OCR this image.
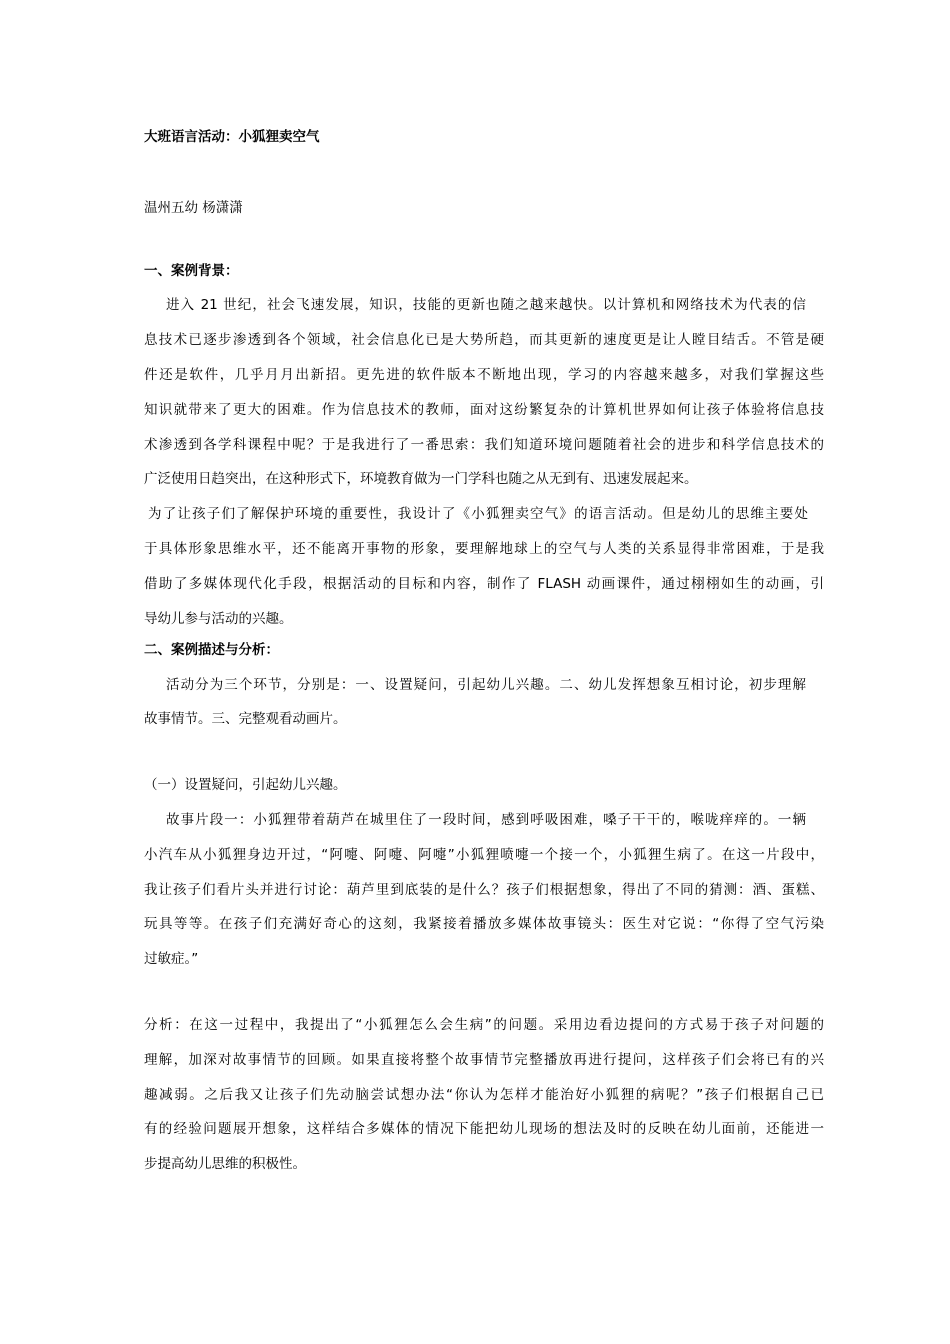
大班语言活动：小狐狸卖空气

温州五幼 杨潇潇

一、案例背景：

进入 21 世纪，社会飞速发展，知识，技能的更新也随之越来越快。以计算机和网络技术为代表的信

息技术已逐步渗透到各个领域，社会信息化已是大势所趋，而其更新的速度更是让人瞠目结舌。不管是硬

件还是软件，几乎月月出新招。更先进的软件版本不断地出现，学习的内容越来越多，对我们掌握这些

知识就带来了更大的困难。作为信息技术的教师，面对这纷繁复杂的计算机世界如何让孩子体验将信息技

术渗透到各学科课程中呢？于是我进行了一番思索：我们知道环境问题随着社会的进步和科学信息技术的

广泛使用日趋突出，在这种形式下，环境教育做为一门学科也随之从无到有、迅速发展起来。

为了让孩子们了解保护环境的重要性，我设计了《小狐狸卖空气》的语言活动。但是幼儿的思维主要处

于具体形象思维水平，还不能离开事物的形象，要理解地球上的空气与人类的关系显得非常困难，于是我

借助了多媒体现代化手段，根据活动的目标和内容，制作了 FLASH 动画课件，通过栩栩如生的动画，引

导幼儿参与活动的兴趣。

二、案例描述与分析：

活动分为三个环节，分别是：一、设置疑问，引起幼儿兴趣。二、幼儿发挥想象互相讨论，初步理解

故事情节。三、完整观看动画片。

（一）设置疑问，引起幼儿兴趣。

故事片段一：小狐狸带着葫芦在城里住了一段时间，感到呼吸困难，嗓子干干的，喉咙痒痒的。一辆

小汽车从小狐狸身边开过，“阿嚏、阿嚏、阿嚏”小狐狸喷嚏一个接一个，小狐狸生病了。在这一片段中，

我让孩子们看片头并进行讨论：葫芦里到底装的是什么？孩子们根据想象，得出了不同的猜测：酒、蛋糕、

玩具等等。在孩子们充满好奇心的这刻，我紧接着播放多媒体故事镜头：医生对它说：“你得了空气污染

过敏症。”

分析：在这一过程中，我提出了“小狐狸怎么会生病”的问题。采用边看边提问的方式易于孩子对问题的

理解，加深对故事情节的回顾。如果直接将整个故事情节完整播放再进行提问，这样孩子们会将已有的兴

趣减弱。之后我又让孩子们先动脑尝试想办法“你认为怎样才能治好小狐狸的病呢？”孩子们根据自己已

有的经验问题展开想象，这样结合多媒体的情况下能把幼儿现场的想法及时的反映在幼儿面前，还能进一

步提高幼儿思维的积极性。
